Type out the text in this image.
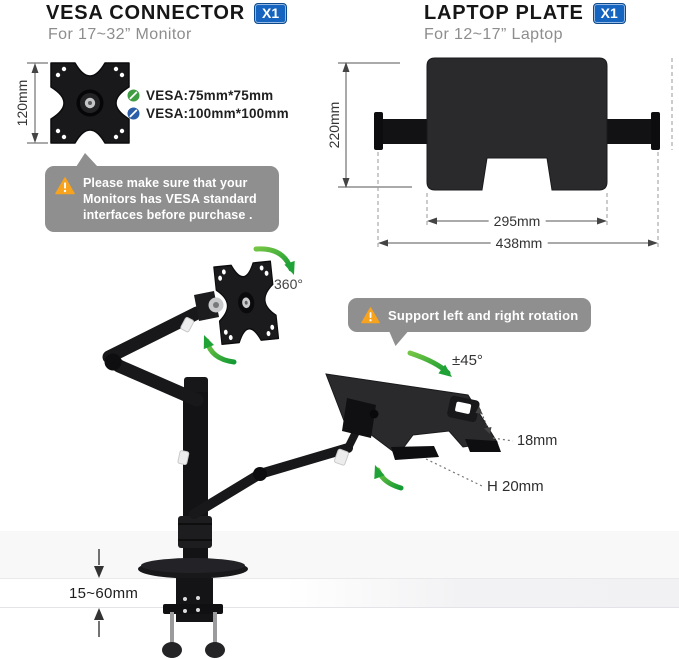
VESA CONNECTOR	X1
For 17~32” Monitor
LAPTOP PLATE	X1
For 12~17” Laptop
VESA:75mm*75mm
VESA:100mm*100mm
Please make sure that your
Monitors has VESA standard
interfaces before purchase .
Support left and right rotation
120mm	220mm
295mm
438mm
360°
±45°
18mm
H 20mm
15~60mm
